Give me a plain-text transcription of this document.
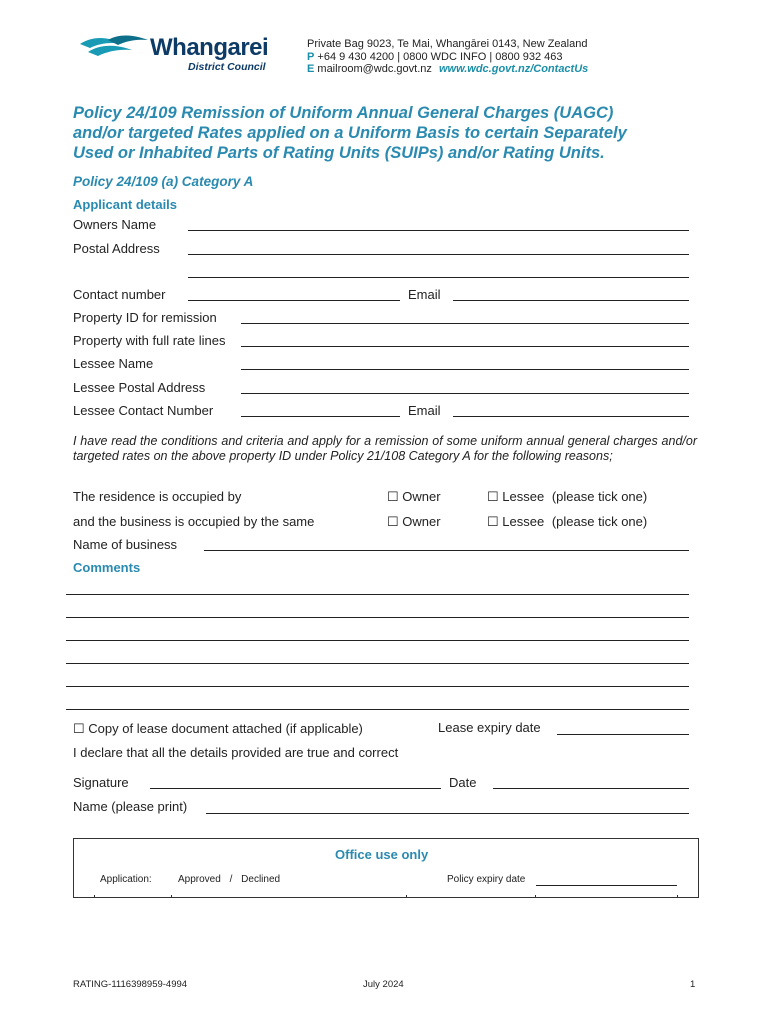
Whangarei
District Council
Private Bag 9023, Te Mai, Whangārei 0143, New Zealand
P +64 9 430 4200 | 0800 WDC INFO | 0800 932 463
E mailroom@wdc.govt.nz www.wdc.govt.nz/ContactUs
Policy 24/109 Remission of Uniform Annual General Charges (UAGC)
and/or targeted Rates applied on a Uniform Basis to certain Separately
Used or Inhabited Parts of Rating Units (SUIPs) and/or Rating Units.
Policy 24/109 (a) Category A
Applicant details
Owners Name
Postal Address
Contact number	Email
Property ID for remission
Property with full rate lines
Lessee Name
Lessee Postal Address
Lessee Contact Number	Email
I have read the conditions and criteria and apply for a remission of some uniform annual general charges and/or targeted rates on the above property ID under Policy 21/108 Category A for the following reasons;
The residence is occupied by	☐ Owner	☐ Lessee (please tick one)
and the business is occupied by the same	☐ Owner	☐ Lessee (please tick one)
Name of business
Comments
☐ Copy of lease document attached (if applicable)	Lease expiry date
I declare that all the details provided are true and correct
Signature	Date
Name (please print)
Office use only
Application:	Approved / Declined	Policy expiry date
RATING-1116398959-4994	July 2024	1
